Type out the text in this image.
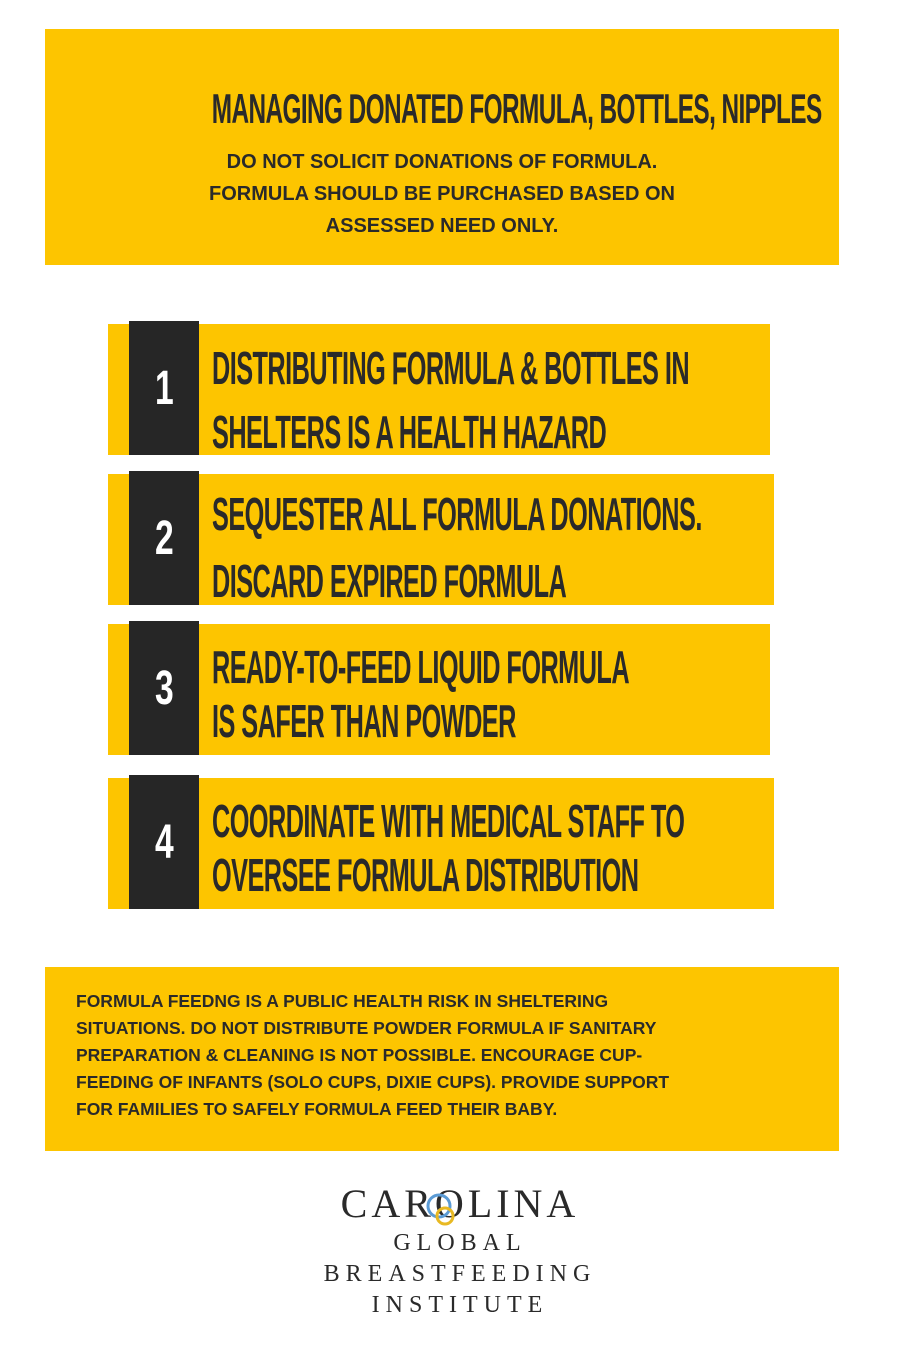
MANAGING DONATED FORMULA, BOTTLES, NIPPLES
DO NOT SOLICIT DONATIONS OF FORMULA.
FORMULA SHOULD BE PURCHASED BASED ON
ASSESSED NEED ONLY.
1 DISTRIBUTING FORMULA & BOTTLES IN
SHELTERS IS A HEALTH HAZARD
2 SEQUESTER ALL FORMULA DONATIONS.
DISCARD EXPIRED FORMULA
3 READY-TO-FEED LIQUID FORMULA
IS SAFER THAN POWDER
4 COORDINATE WITH MEDICAL STAFF TO
OVERSEE FORMULA DISTRIBUTION
FORMULA FEEDNG IS A PUBLIC HEALTH RISK IN SHELTERING
SITUATIONS. DO NOT DISTRIBUTE POWDER FORMULA IF SANITARY
PREPARATION & CLEANING IS NOT POSSIBLE. ENCOURAGE CUP-
FEEDING OF INFANTS (SOLO CUPS, DIXIE CUPS). PROVIDE SUPPORT
FOR FAMILIES TO SAFELY FORMULA FEED THEIR BABY.
CAROLINA
GLOBAL
BREASTFEEDING
INSTITUTE
